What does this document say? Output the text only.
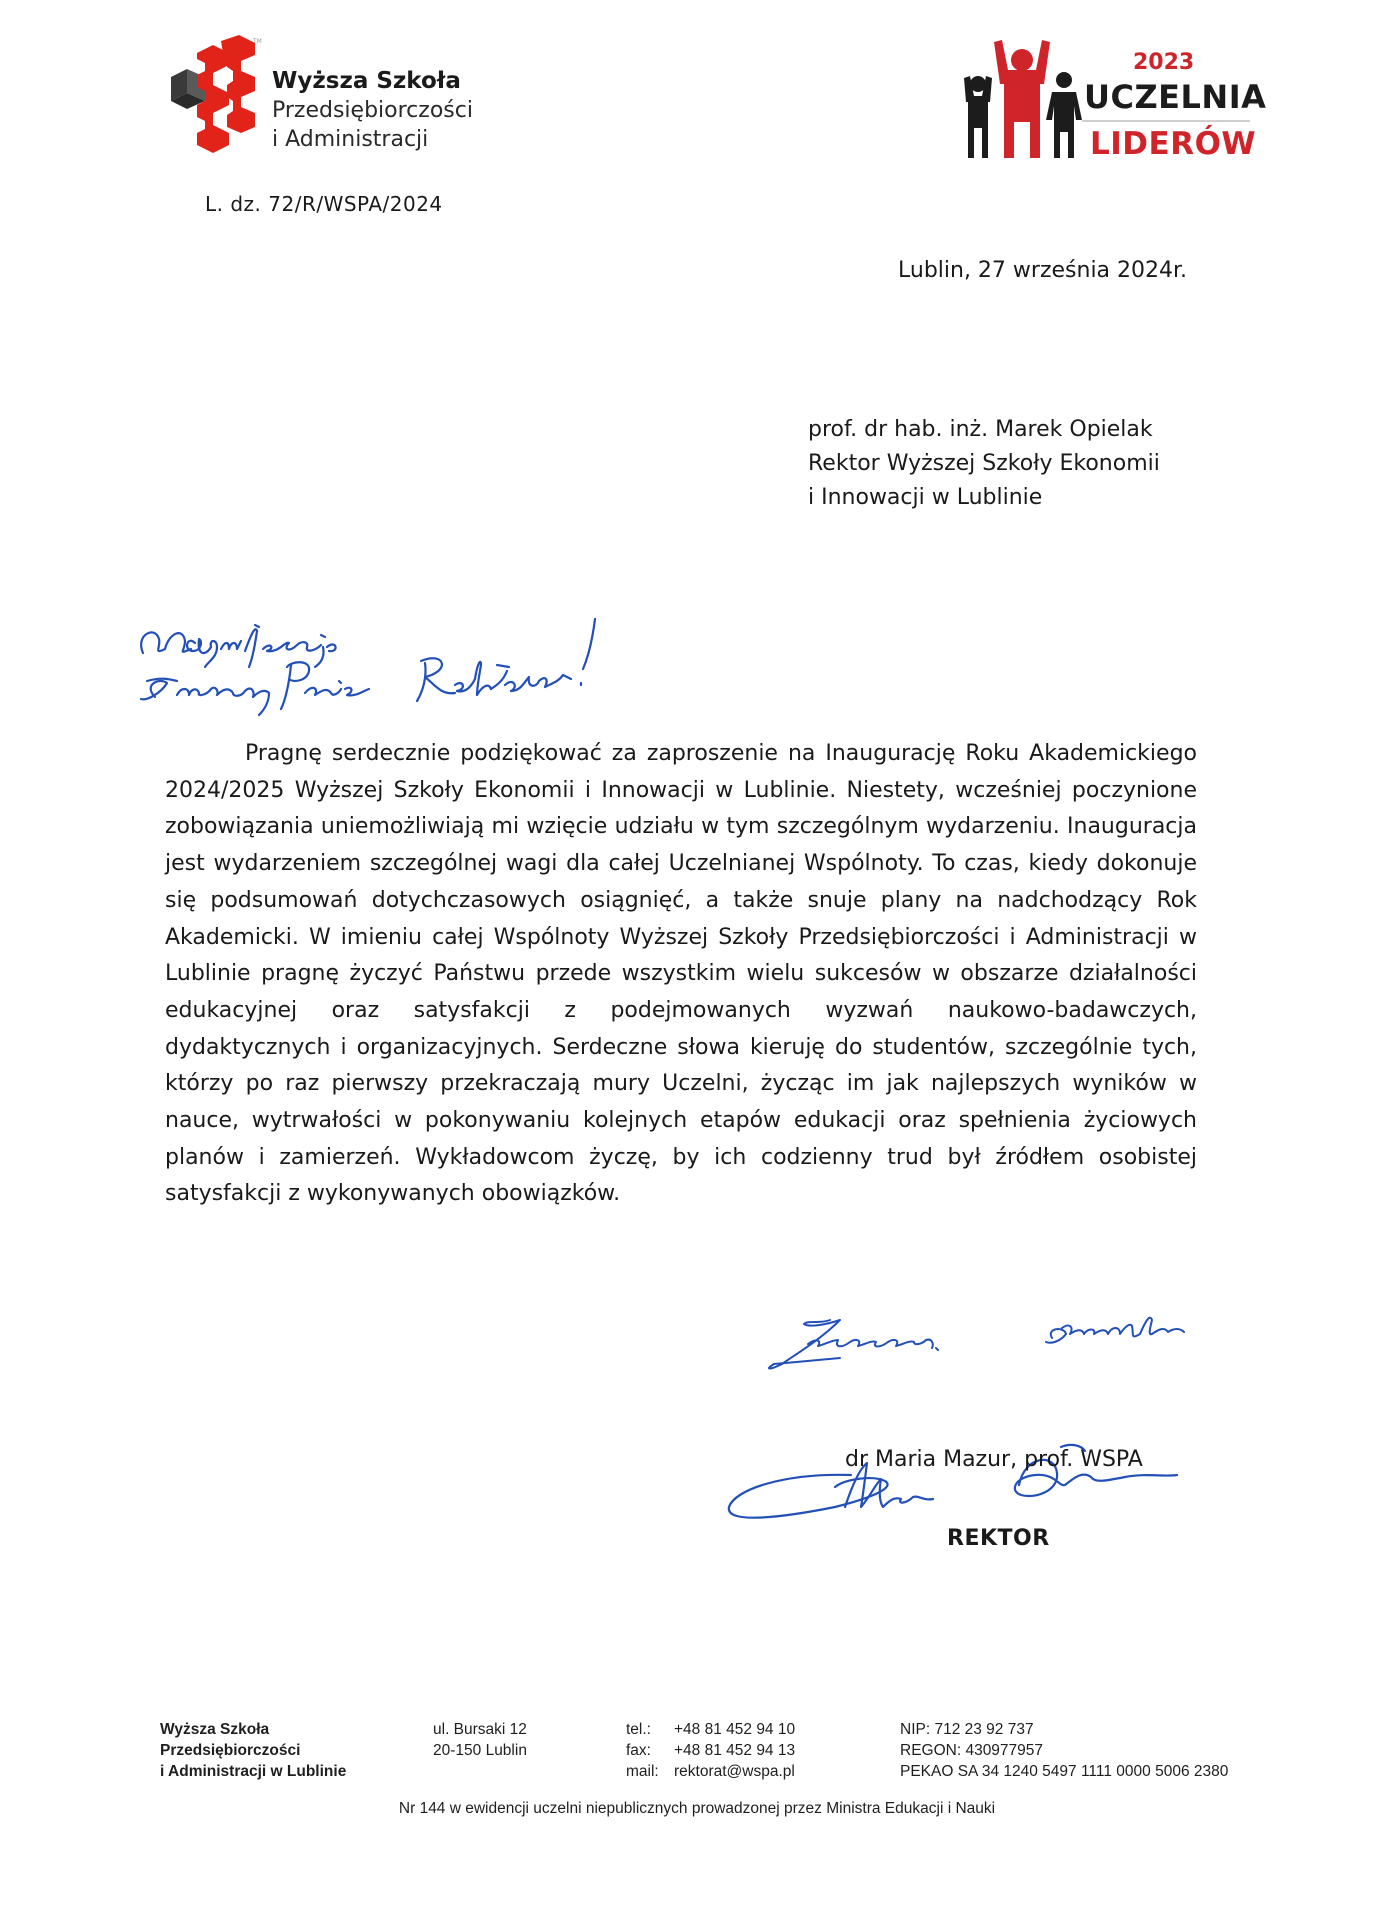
TM
Wyższa Szkoła
Przedsiębiorczości
i Administracji
2023
UCZELNIA
LIDERÓW
L. dz. 72/R/WSPA/2024
Lublin, 27 września 2024r.
prof. dr hab. inż. Marek Opielak
Rektor Wyższej Szkoły Ekonomii
i Innowacji w Lublinie

Pragnę serdecznie podziękować za zaproszenie na Inaugurację Roku Akademickiego 2024/2025 Wyższej Szkoły Ekonomii i Innowacji w Lublinie. Niestety, wcześniej poczynione zobowiązania uniemożliwiają mi wzięcie udziału w tym szczególnym wydarzeniu. Inauguracja jest wydarzeniem szczególnej wagi dla całej Uczelnianej Wspólnoty. To czas, kiedy dokonuje się podsumowań dotychczasowych osiągnięć, a także snuje plany na nadchodzący Rok Akademicki. W imieniu całej Wspólnoty Wyższej Szkoły Przedsiębiorczości i Administracji w Lublinie pragnę życzyć Państwu przede wszystkim wielu sukcesów w obszarze działalności edukacyjnej oraz satysfakcji z podejmowanych wyzwań naukowo-badawczych, dydaktycznych i organizacyjnych. Serdeczne słowa kieruję do studentów, szczególnie tych, którzy po raz pierwszy przekraczają mury Uczelni, życząc im jak najlepszych wyników w nauce, wytrwałości w pokonywaniu kolejnych etapów edukacji oraz spełnienia życiowych planów i zamierzeń. Wykładowcom życzę, by ich codzienny trud był źródłem osobistej satysfakcji z wykonywanych obowiązków.

dr Maria Mazur, prof. WSPA
REKTOR
Wyższa Szkoła
Przedsiębiorczości
i Administracji w Lublinie
ul. Bursaki 12
20-150 Lublin
tel.: +48 81 452 94 10
fax: +48 81 452 94 13
mail: rektorat@wspa.pl
NIP: 712 23 92 737
REGON: 430977957
PEKAO SA 34 1240 5497 1111 0000 5006 2380
Nr 144 w ewidencji uczelni niepublicznych prowadzonej przez Ministra Edukacji i Nauki
